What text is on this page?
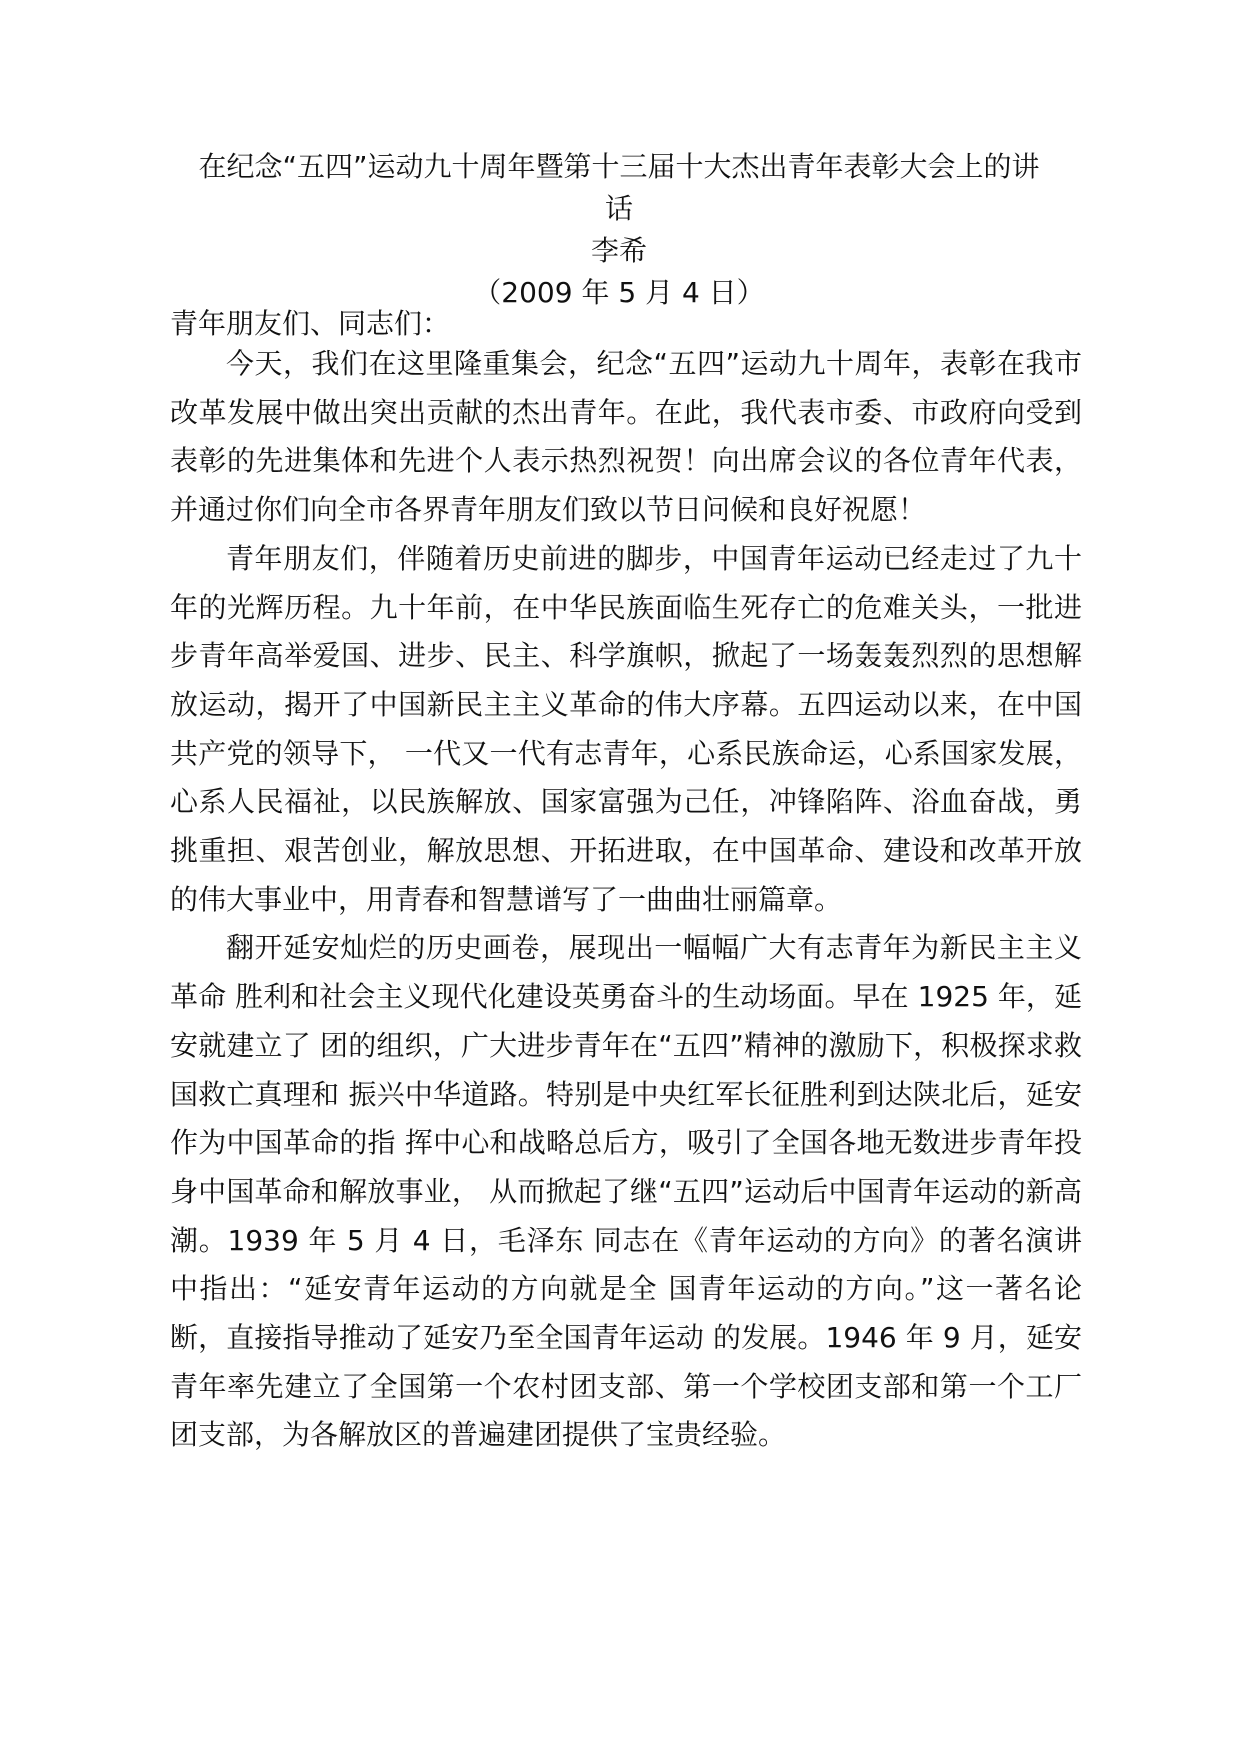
在纪念“五四”运动九十周年暨第十三届十大杰出青年表彰大会上的讲
话
李希
（2009 年 5 月 4 日）
青年朋友们、同志们：

今天，我们在这里隆重集会，纪念“五四”运动九十周年，表彰在我市改革发展中做出突出贡献的杰出青年。在此，我代表市委、市政府向受到表彰的先进集体和先进个人表示热烈祝贺！向出席会议的各位青年代表，并通过你们向全市各界青年朋友们致以节日问候和良好祝愿！

青年朋友们，伴随着历史前进的脚步，中国青年运动已经走过了九十年的光辉历程。九十年前，在中华民族面临生死存亡的危难关头，一批进步青年高举爱国、进步、民主、科学旗帜，掀起了一场轰轰烈烈的思想解放运动，揭开了中国新民主主义革命的伟大序幕。五四运动以来，在中国共产党的领导下， 一代又一代有志青年，心系民族命运，心系国家发展，心系人民福祉，以民族解放、国家富强为己任，冲锋陷阵、浴血奋战，勇挑重担、艰苦创业，解放思想、开拓进取，在中国革命、建设和改革开放的伟大事业中，用青春和智慧谱写了一曲曲壮丽篇章。

翻开延安灿烂的历史画卷，展现出一幅幅广大有志青年为新民主主义革命 胜利和社会主义现代化建设英勇奋斗的生动场面。早在 1925 年，延安就建立了 团的组织，广大进步青年在“五四”精神的激励下，积极探求救国救亡真理和 振兴中华道路。特别是中央红军长征胜利到达陕北后，延安作为中国革命的指 挥中心和战略总后方，吸引了全国各地无数进步青年投身中国革命和解放事业， 从而掀起了继“五四”运动后中国青年运动的新高潮。1939 年 5 月 4 日，毛泽东 同志在《青年运动的方向》的著名演讲中指出：“延安青年运动的方向就是全 国青年运动的方向。”这一著名论断，直接指导推动了延安乃至全国青年运动 的发展。1946 年 9 月，延安青年率先建立了全国第一个农村团支部、第一个学校团支部和第一个工厂团支部，为各解放区的普遍建团提供了宝贵经验。
